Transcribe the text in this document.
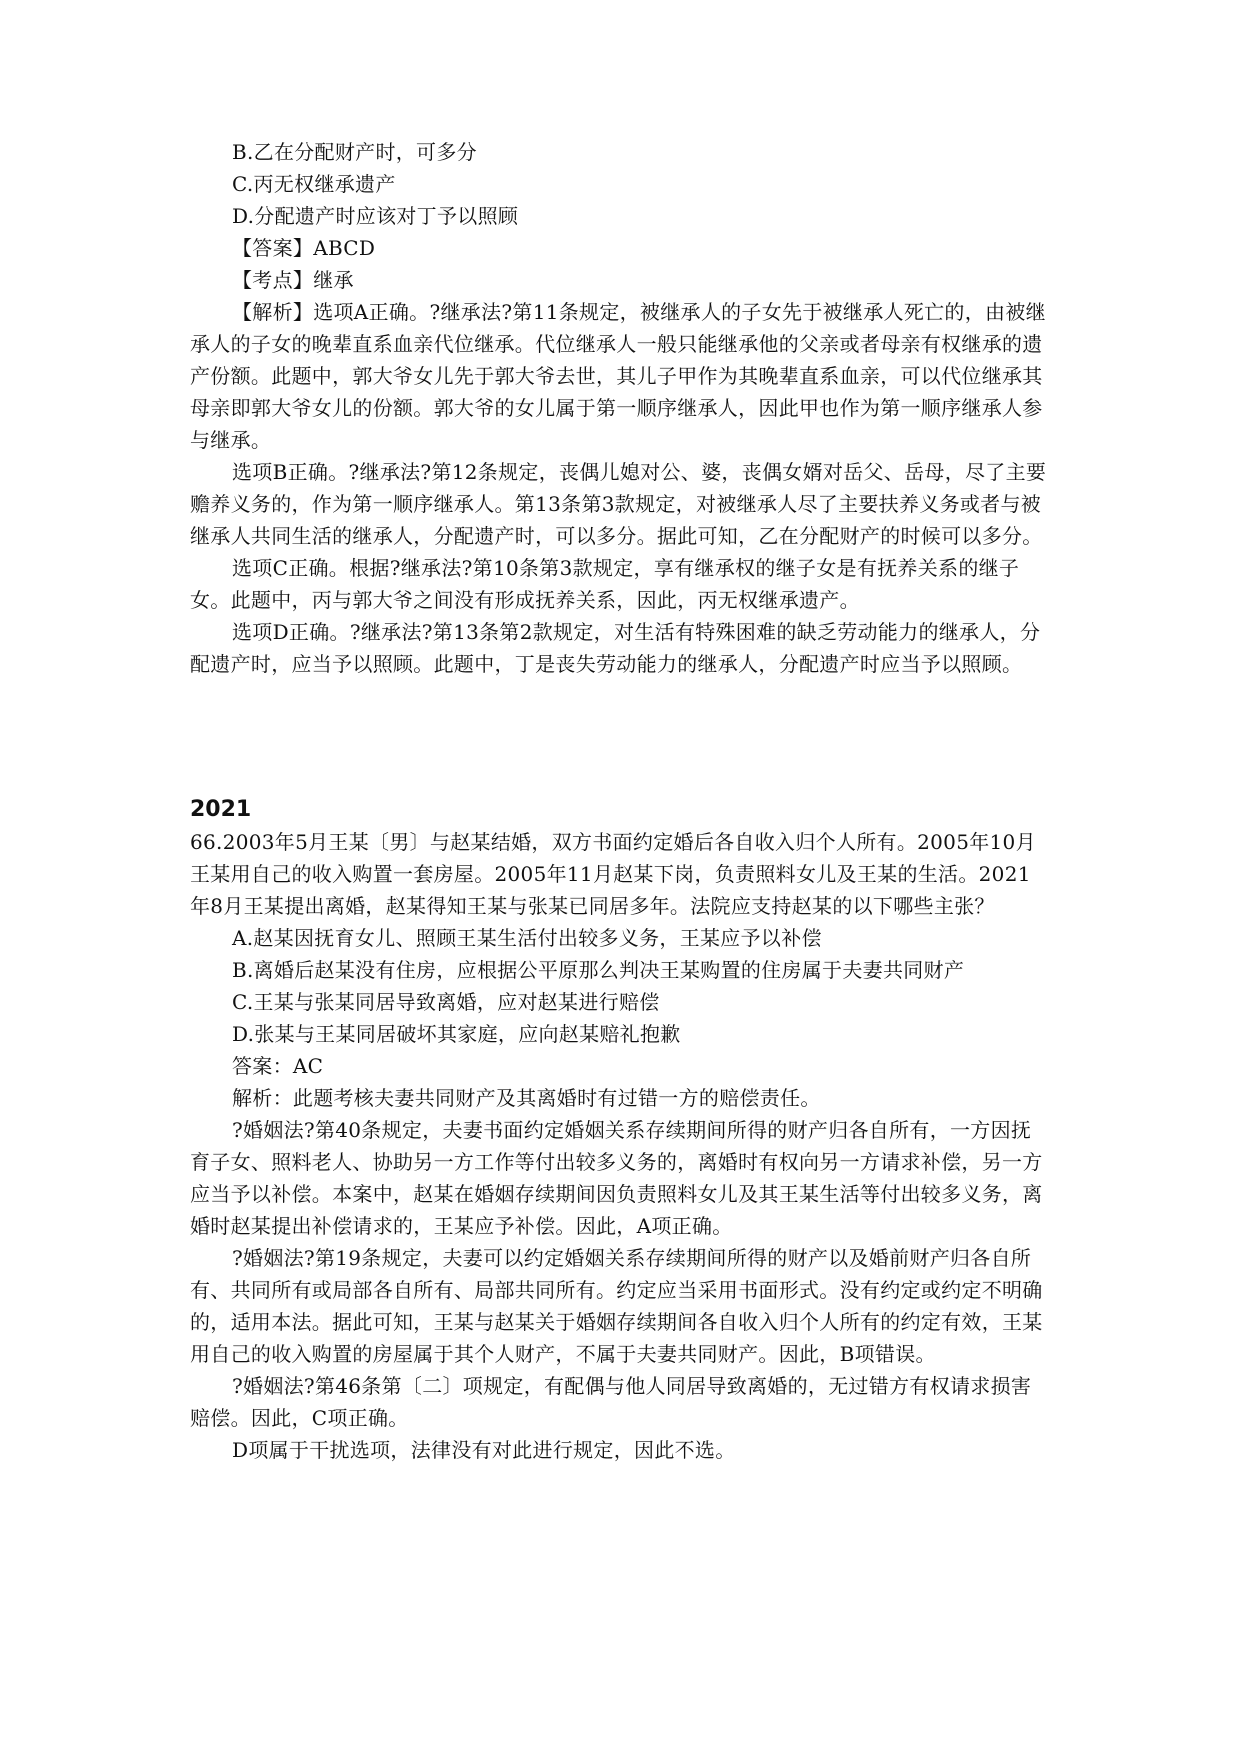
B.乙在分配财产时，可多分

C.丙无权继承遗产

D.分配遗产时应该对丁予以照顾

【答案】ABCD

【考点】继承

【解析】选项A正确。?继承法?第11条规定，被继承人的子女先于被继承人死亡的，由被继承人的子女的晚辈直系血亲代位继承。代位继承人一般只能继承他的父亲或者母亲有权继承的遗产份额。此题中，郭大爷女儿先于郭大爷去世，其儿子甲作为其晚辈直系血亲，可以代位继承其母亲即郭大爷女儿的份额。郭大爷的女儿属于第一顺序继承人，因此甲也作为第一顺序继承人参与继承。

选项B正确。?继承法?第12条规定，丧偶儿媳对公、婆，丧偶女婿对岳父、岳母，尽了主要赡养义务的，作为第一顺序继承人。第13条第3款规定，对被继承人尽了主要扶养义务或者与被继承人共同生活的继承人，分配遗产时，可以多分。据此可知，乙在分配财产的时候可以多分。

选项C正确。根据?继承法?第10条第3款规定，享有继承权的继子女是有抚养关系的继子女。此题中，丙与郭大爷之间没有形成抚养关系，因此，丙无权继承遗产。

选项D正确。?继承法?第13条第2款规定，对生活有特殊困难的缺乏劳动能力的继承人，分配遗产时，应当予以照顾。此题中，丁是丧失劳动能力的继承人，分配遗产时应当予以照顾。

2021

66.2003年5月王某〔男〕与赵某结婚，双方书面约定婚后各自收入归个人所有。2005年10月王某用自己的收入购置一套房屋。2005年11月赵某下岗，负责照料女儿及王某的生活。2021年8月王某提出离婚，赵某得知王某与张某已同居多年。法院应支持赵某的以下哪些主张？

A.赵某因抚育女儿、照顾王某生活付出较多义务，王某应予以补偿

B.离婚后赵某没有住房，应根据公平原那么判决王某购置的住房属于夫妻共同财产

C.王某与张某同居导致离婚，应对赵某进行赔偿

D.张某与王某同居破坏其家庭，应向赵某赔礼抱歉

答案：AC

解析：此题考核夫妻共同财产及其离婚时有过错一方的赔偿责任。

?婚姻法?第40条规定，夫妻书面约定婚姻关系存续期间所得的财产归各自所有，一方因抚育子女、照料老人、协助另一方工作等付出较多义务的，离婚时有权向另一方请求补偿，另一方应当予以补偿。本案中，赵某在婚姻存续期间因负责照料女儿及其王某生活等付出较多义务，离婚时赵某提出补偿请求的，王某应予补偿。因此，A项正确。

?婚姻法?第19条规定，夫妻可以约定婚姻关系存续期间所得的财产以及婚前财产归各自所有、共同所有或局部各自所有、局部共同所有。约定应当采用书面形式。没有约定或约定不明确的，适用本法。据此可知，王某与赵某关于婚姻存续期间各自收入归个人所有的约定有效，王某用自己的收入购置的房屋属于其个人财产，不属于夫妻共同财产。因此，B项错误。

?婚姻法?第46条第〔二〕项规定，有配偶与他人同居导致离婚的，无过错方有权请求损害赔偿。因此，C项正确。

D项属于干扰选项，法律没有对此进行规定，因此不选。
